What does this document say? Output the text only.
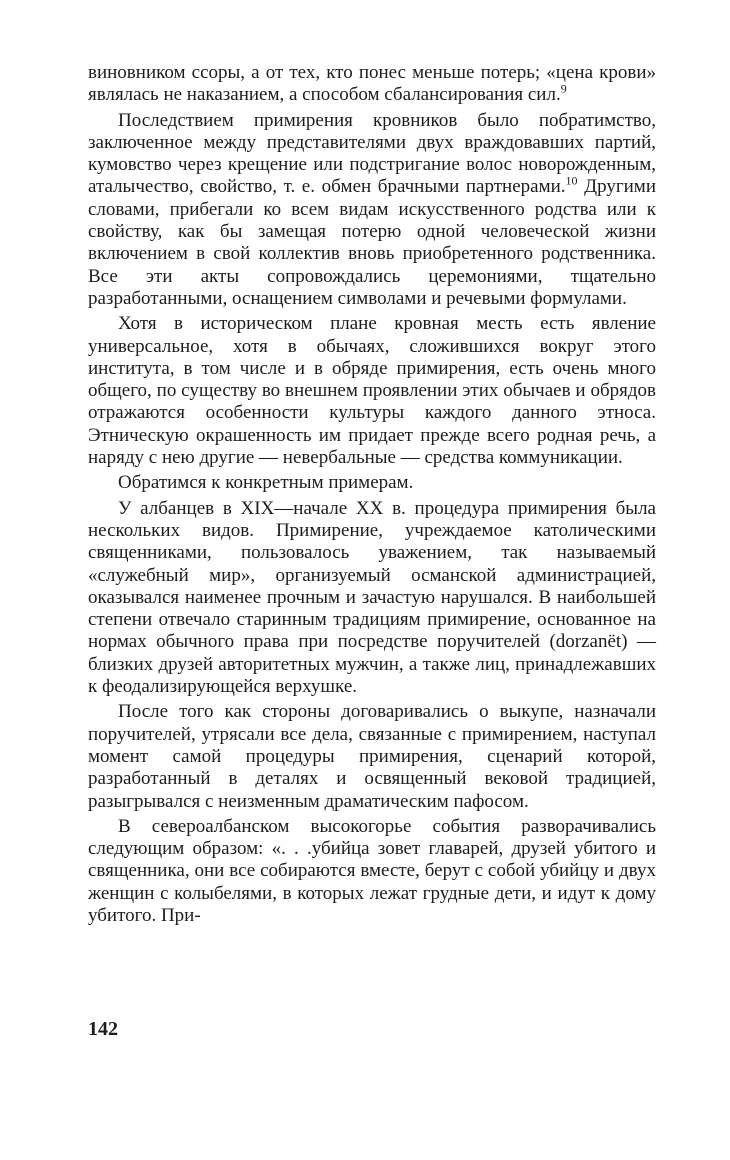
виновником ссоры, а от тех, кто понес меньше потерь; «цена крови» являлась не наказанием, а способом сбалансирования сил.$^9$

Последствием примирения кровников было побратимство, заключенное между представителями двух враждовавших партий, кумовство через крещение или подстригание волос новорожденным, аталычество, свойство, т. е. обмен брачными партнерами.$^{10}$ Другими словами, прибегали ко всем видам искусственного родства или к свойству, как бы замещая потерю одной человеческой жизни включением в свой коллектив вновь приобретенного родственника. Все эти акты сопровождались церемониями, тщательно разработанными, оснащением символами и речевыми формулами.

Хотя в историческом плане кровная месть есть явление универсальное, хотя в обычаях, сложившихся вокруг этого института, в том числе и в обряде примирения, есть очень много общего, по существу во внешнем проявлении этих обычаев и обрядов отражаются особенности культуры каждого данного этноса. Этническую окрашенность им придает прежде всего родная речь, а наряду с нею другие — невербальные — средства коммуникации.

Обратимся к конкретным примерам.

У албанцев в XIX—начале XX в. процедура примирения была нескольких видов. Примирение, учреждаемое католическими священниками, пользовалось уважением, так называемый «служебный мир», организуемый османской администрацией, оказывался наименее прочным и зачастую нарушался. В наибольшей степени отвечало старинным традициям примирение, основанное на нормах обычного права при посредстве поручителей (dorzanët) — близких друзей авторитетных мужчин, а также лиц, принадлежавших к феодализирующейся верхушке.

После того как стороны договаривались о выкупе, назначали поручителей, утрясали все дела, связанные с примирением, наступал момент самой процедуры примирения, сценарий которой, разработанный в деталях и освященный вековой традицией, разыгрывался с неизменным драматическим пафосом.

В североалбанском высокогорье события разворачивались следующим образом: «. . .убийца зовет главарей, друзей убитого и священника, они все собираются вместе, берут с собой убийцу и двух женщин с колыбелями, в которых лежат грудные дети, и идут к дому убитого. При-

142
